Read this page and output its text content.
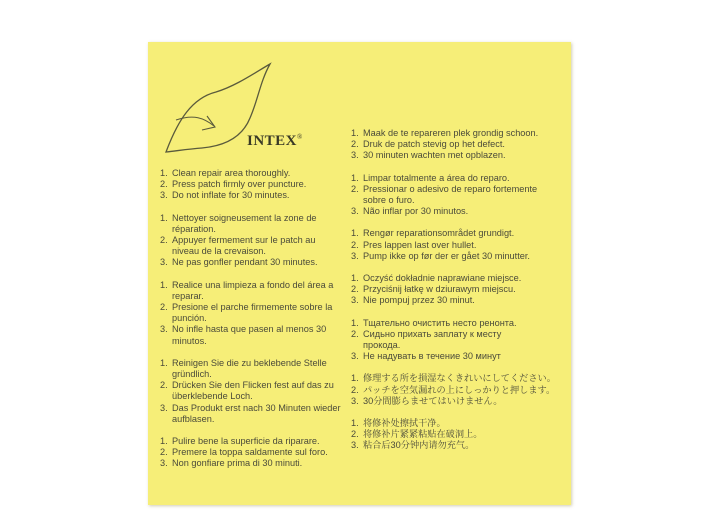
INTEX®
1. Clean repair area thoroughly.
2. Press patch firmly over puncture.
3. Do not inflate for 30 minutes.
1. Nettoyer soigneusement la zone de
réparation.
2. Appuyer fermement sur le patch au
niveau de la crevaison.
3. Ne pas gonfler pendant 30 minutes.
1. Realice una limpieza a fondo del área a
reparar.
2. Presione el parche firmemente sobre la
punción.
3. No infle hasta que pasen al menos 30
minutos.
1. Reinigen Sie die zu beklebende Stelle
gründlich.
2. Drücken Sie den Flicken fest auf das zu
überklebende Loch.
3. Das Produkt erst nach 30 Minuten wieder
aufblasen.
1. Pulire bene la superficie da riparare.
2. Premere la toppa saldamente sul foro.
3. Non gonfiare prima di 30 minuti.
1. Maak de te repareren plek grondig schoon.
2. Druk de patch stevig op het defect.
3. 30 minuten wachten met opblazen.
1. Limpar totalmente a área do reparo.
2. Pressionar o adesivo de reparo fortemente
sobre o furo.
3. Não inflar por 30 minutos.
1. Rengør reparationsområdet grundigt.
2. Pres lappen last over hullet.
3. Pump ikke op før der er gået 30 minutter.
1. Oczyść dokładnie naprawiane miejsce.
2. Przyciśnij łatkę w dziurawym miejscu.
3. Nie pompuj przez 30 minut.
1. Тщательно очистить несто ренонта.
2. Сидьно прихать заплату к месту
прокода.
3. Не надувать в течение 30 минут
1. 修理する所を損湿なくきれいにしてください。
2. パッチを空気漏れの上にしっかりと押します。
3. 30分間膨らませてはいけません。
1. 将修补处擦拭干净。
2. 将修补片紧紧粘贴在破洞上。
3. 粘合后30分钟内请勿充气。
